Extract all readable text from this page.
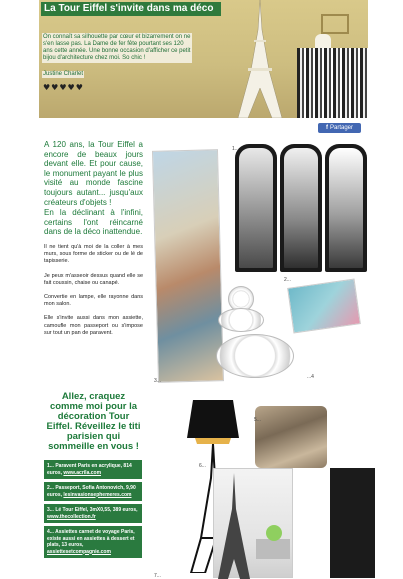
La Tour Eiffel s'invite dans ma déco
On connaît sa silhouette par cœur et bizarrement on ne s'en lasse pas. La Dame de fer fête pourtant ses 120 ans cette année. Une bonne occasion d'afficher ce petit bijou d'architecture chez moi. So chic !
Justine Charlet
♥♥♥♥♥
f Partager
A 120 ans, la Tour Eiffel a encore de beaux jours devant elle. Et pour cause, le monument payant le plus visité au monde fascine toujours autant... jusqu'aux créateurs d'objets !
En la déclinant à l'infini, certains l'ont réincarné dans de la déco inattendue.
Il ne tient qu'à moi de la coller à mes murs, sous forme de sticker ou de lé de tapisserie.
Je peux m'asseoir dessus quand elle se fait coussin, chaise ou canapé.
Convertie en lampe, elle rayonne dans mon salon.
Elle s'invite aussi dans mon assiette, camoufle mon passeport ou s'impose sur tout un pan de paravent.
Allez, craquez comme moi pour la décoration Tour Eiffel. Réveillez le titi parisien qui sommeille en vous !
1... Paravent Paris en acrylique, 814 euros, www.acrila.com
2... Passeport, Sofia Antonovich, 9,90 euros, lesinvasionsephemeres.com
3... Lé Tour Eiffel, 3mX0,55, 389 euros, www.thecollection.fr
4... Assiettes carnet de voyage Paris, existe aussi en assiettes à dessert et plats, 13 euros, assiettesetcompagnie.com
1...
2...
3...
...4
5...
6...
7...
